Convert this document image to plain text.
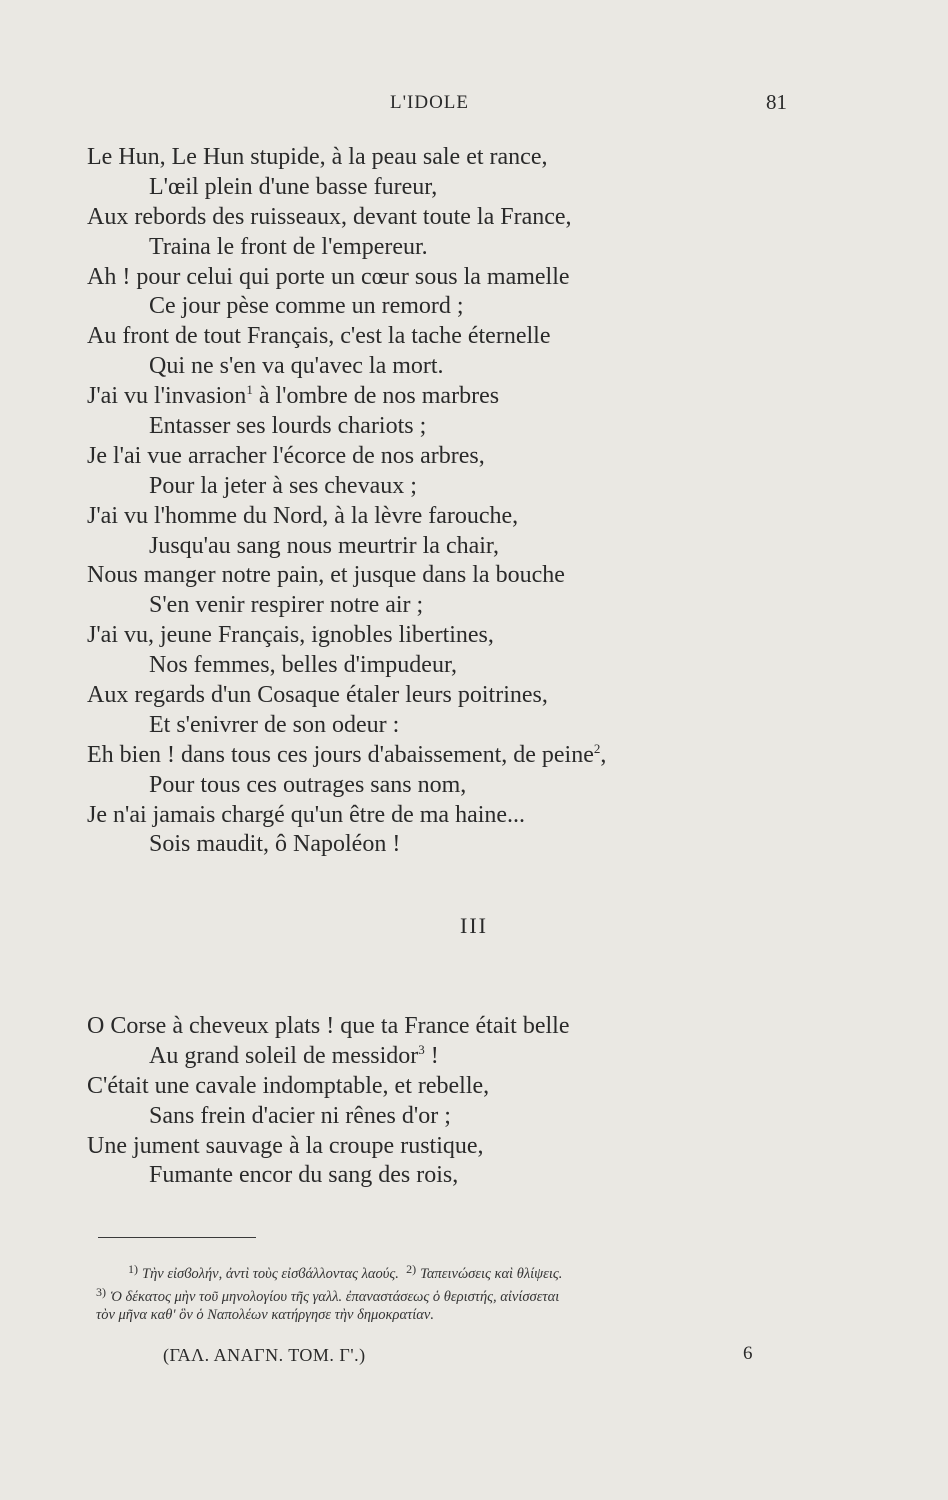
L'IDOLE	81
Le Hun, Le Hun stupide, à la peau sale et rance,
L'œil plein d'une basse fureur,
Aux rebords des ruisseaux, devant toute la France,
Traina le front de l'empereur.
Ah ! pour celui qui porte un cœur sous la mamelle
Ce jour pèse comme un remord ;
Au front de tout Français, c'est la tache éternelle
Qui ne s'en va qu'avec la mort.
J'ai vu l'invasion$^1$ à l'ombre de nos marbres
Entasser ses lourds chariots ;
Je l'ai vue arracher l'écorce de nos arbres,
Pour la jeter à ses chevaux ;
J'ai vu l'homme du Nord, à la lèvre farouche,
Jusqu'au sang nous meurtrir la chair,
Nous manger notre pain, et jusque dans la bouche
S'en venir respirer notre air ;
J'ai vu, jeune Français, ignobles libertines,
Nos femmes, belles d'impudeur,
Aux regards d'un Cosaque étaler leurs poitrines,
Et s'enivrer de son odeur :
Eh bien ! dans tous ces jours d'abaissement, de peine$^2$,
Pour tous ces outrages sans nom,
Je n'ai jamais chargé qu'un être de ma haine...
Sois maudit, ô Napoléon !
III
O Corse à cheveux plats ! que ta France était belle
Au grand soleil de messidor$^3$ !
C'était une cavale indomptable, et rebelle,
Sans frein d'acier ni rênes d'or ;
Une jument sauvage à la croupe rustique,
Fumante encor du sang des rois,
$^{1)}$ Τὴν εἰσϐολήν, ἀντὶ τοὺς εἰσϐάλλοντας λαούς. $^{2)}$ Ταπεινώσεις καὶ θλίψεις.
$^{3)}$ Ὁ δέκατος μὴν τοῦ μηνολογίου τῆς γαλλ. ἐπαναστάσεως ὁ θεριστής, αἰνίσσεται
τὸν μῆνα καθ' ὃν ὁ Ναπολέων κατήργησε τὴν δημοκρατίαν.
(ΓΑΛ. ΑΝΑΓΝ. ΤΟΜ. Γ'.)	6
